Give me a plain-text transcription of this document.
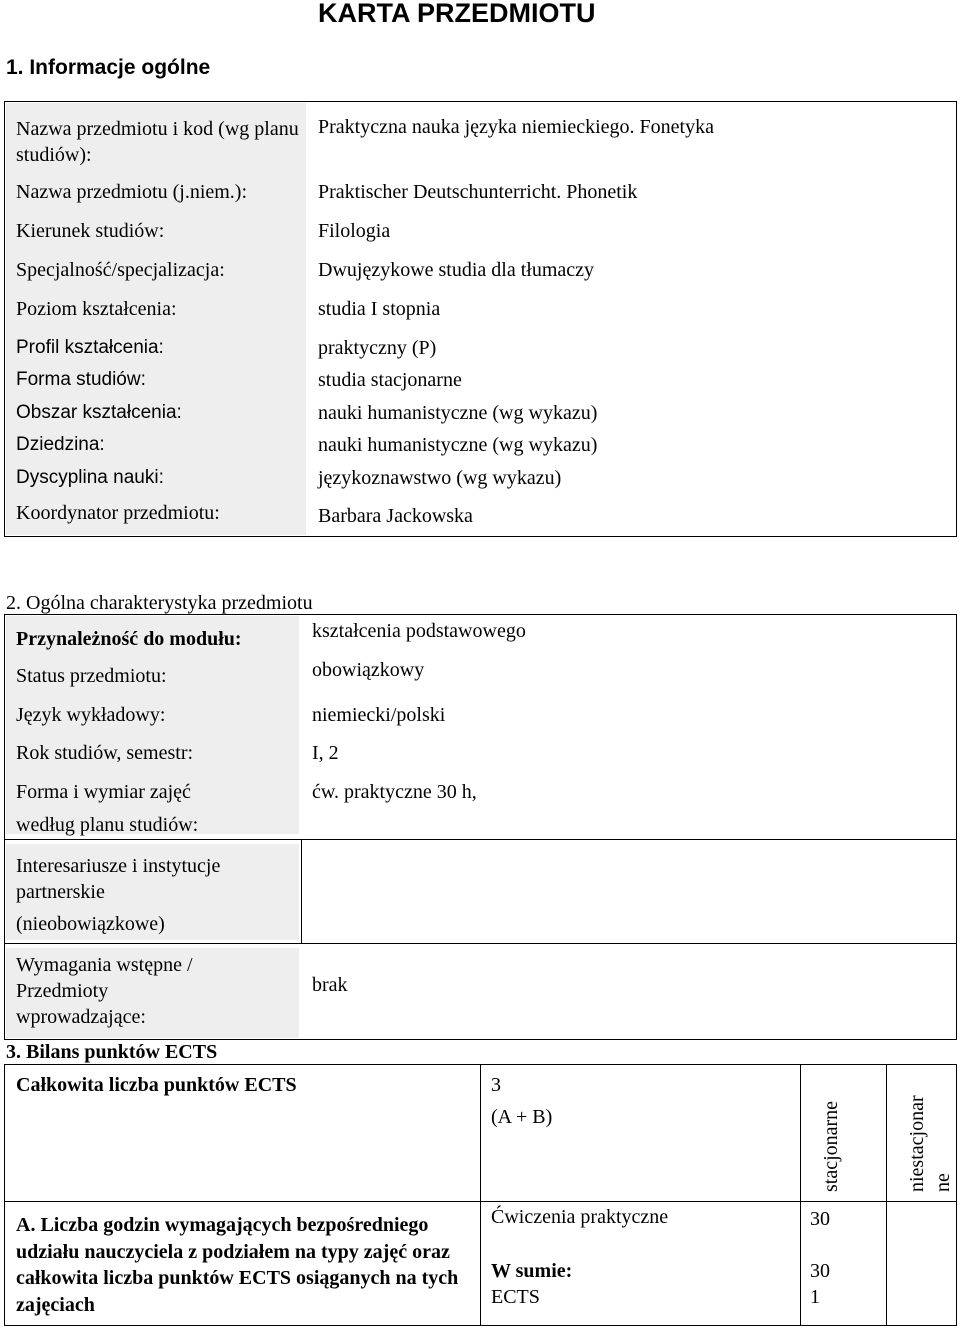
KARTA PRZEDMIOTU
1. Informacje ogólne
Nazwa przedmiotu i kod (wg planu studiów):
Praktyczna nauka języka niemieckiego. Fonetyka
Nazwa przedmiotu (j.niem.):	Praktischer Deutschunterricht. Phonetik
Kierunek studiów:	Filologia
Specjalność/specjalizacja:	Dwujęzykowe studia dla tłumaczy
Poziom kształcenia:	studia I stopnia
Profil kształcenia:	praktyczny (P)
Forma studiów:	studia stacjonarne
Obszar kształcenia:	nauki humanistyczne (wg wykazu)
Dziedzina:	nauki humanistyczne (wg wykazu)
Dyscyplina nauki:	językoznawstwo (wg wykazu)
Koordynator przedmiotu:	Barbara Jackowska
2. Ogólna charakterystyka przedmiotu
Przynależność do modułu:	kształcenia podstawowego
Status przedmiotu:	obowiązkowy
Język wykładowy:	niemiecki/polski
Rok studiów, semestr:	I, 2
Forma i wymiar zajęć
według planu studiów:
ćw. praktyczne 30 h,
Interesariusze i instytucje
partnerskie
(nieobowiązkowe)
Wymagania wstępne /
Przedmioty
wprowadzające:
brak
3. Bilans punktów ECTS
Całkowita liczba punktów ECTS	3
(A + B)	stacjonarne	niestacjonar ne
A. Liczba godzin wymagających bezpośredniego udziału nauczyciela z podziałem na typy zajęć oraz całkowita liczba punktów ECTS osiąganych na tych zajęciach
Ćwiczenia praktyczne	30
W sumie:	30
ECTS	1
